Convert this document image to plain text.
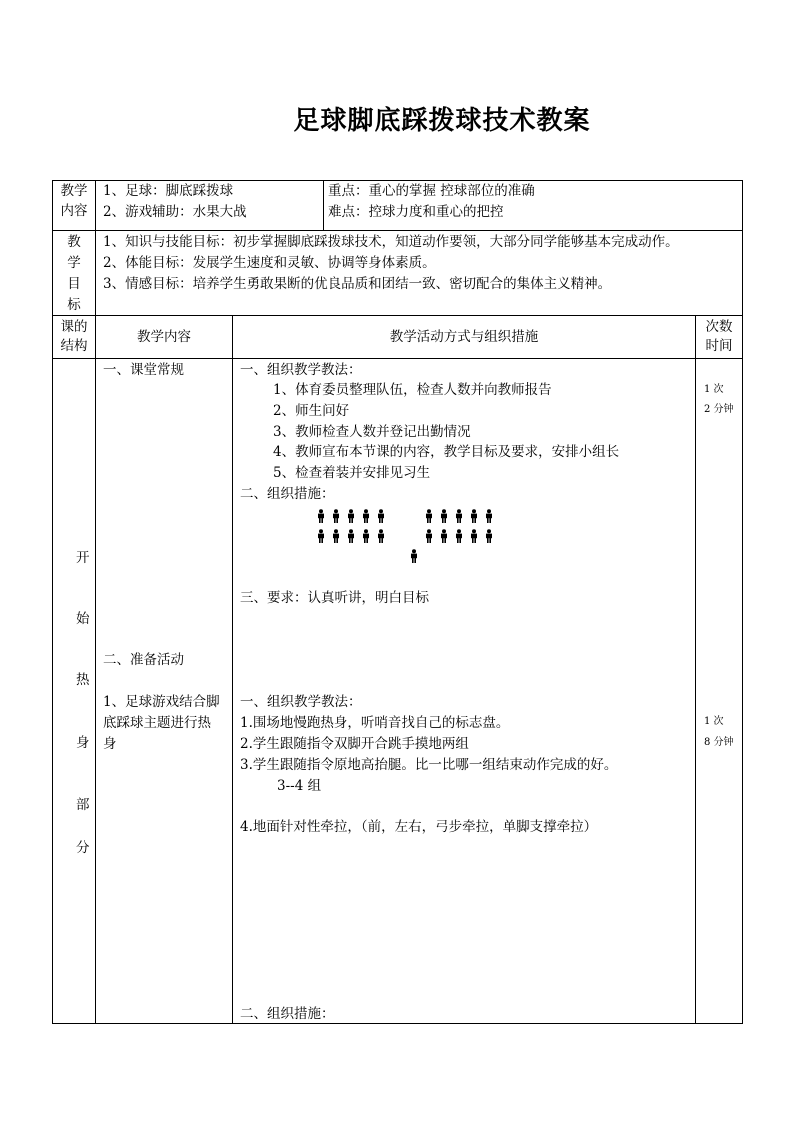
足球脚底踩拨球技术教案
教学
内容
1、足球：脚底踩拨球
2、游戏辅助：水果大战
重点：重心的掌握 控球部位的准确
难点：控球力度和重心的把控
教
学
目
标
1、知识与技能目标：初步掌握脚底踩拨球技术，知道动作要领，大部分同学能够基本完成动作。
2、体能目标：发展学生速度和灵敏、协调等身体素质。
3、情感目标：培养学生勇敢果断的优良品质和团结一致、密切配合的集体主义精神。
课的
结构
教学内容	教学活动方式与组织措施
次数
时间
开
始
热
身
部
分
一、课堂常规
二、准备活动
1、足球游戏结合脚
底踩球主题进行热
身
一、组织教学教法：
1、体育委员整理队伍，检查人数并向教师报告
2、师生问好
3、教师检查人数并登记出勤情况
4、教师宣布本节课的内容，教学目标及要求，安排小组长
5、检查着装并安排见习生
二、组织措施：
三、要求：认真听讲，明白目标
一、组织教学教法：
1.围场地慢跑热身，听哨音找自己的标志盘。
2.学生跟随指令双脚开合跳手摸地两组
3.学生跟随指令原地高抬腿。比一比哪一组结束动作完成的好。
3--4 组
4.地面针对性牵拉，（前，左右，弓步牵拉，单脚支撑牵拉）
二、组织措施：
1 次
2 分钟
1 次
8 分钟
